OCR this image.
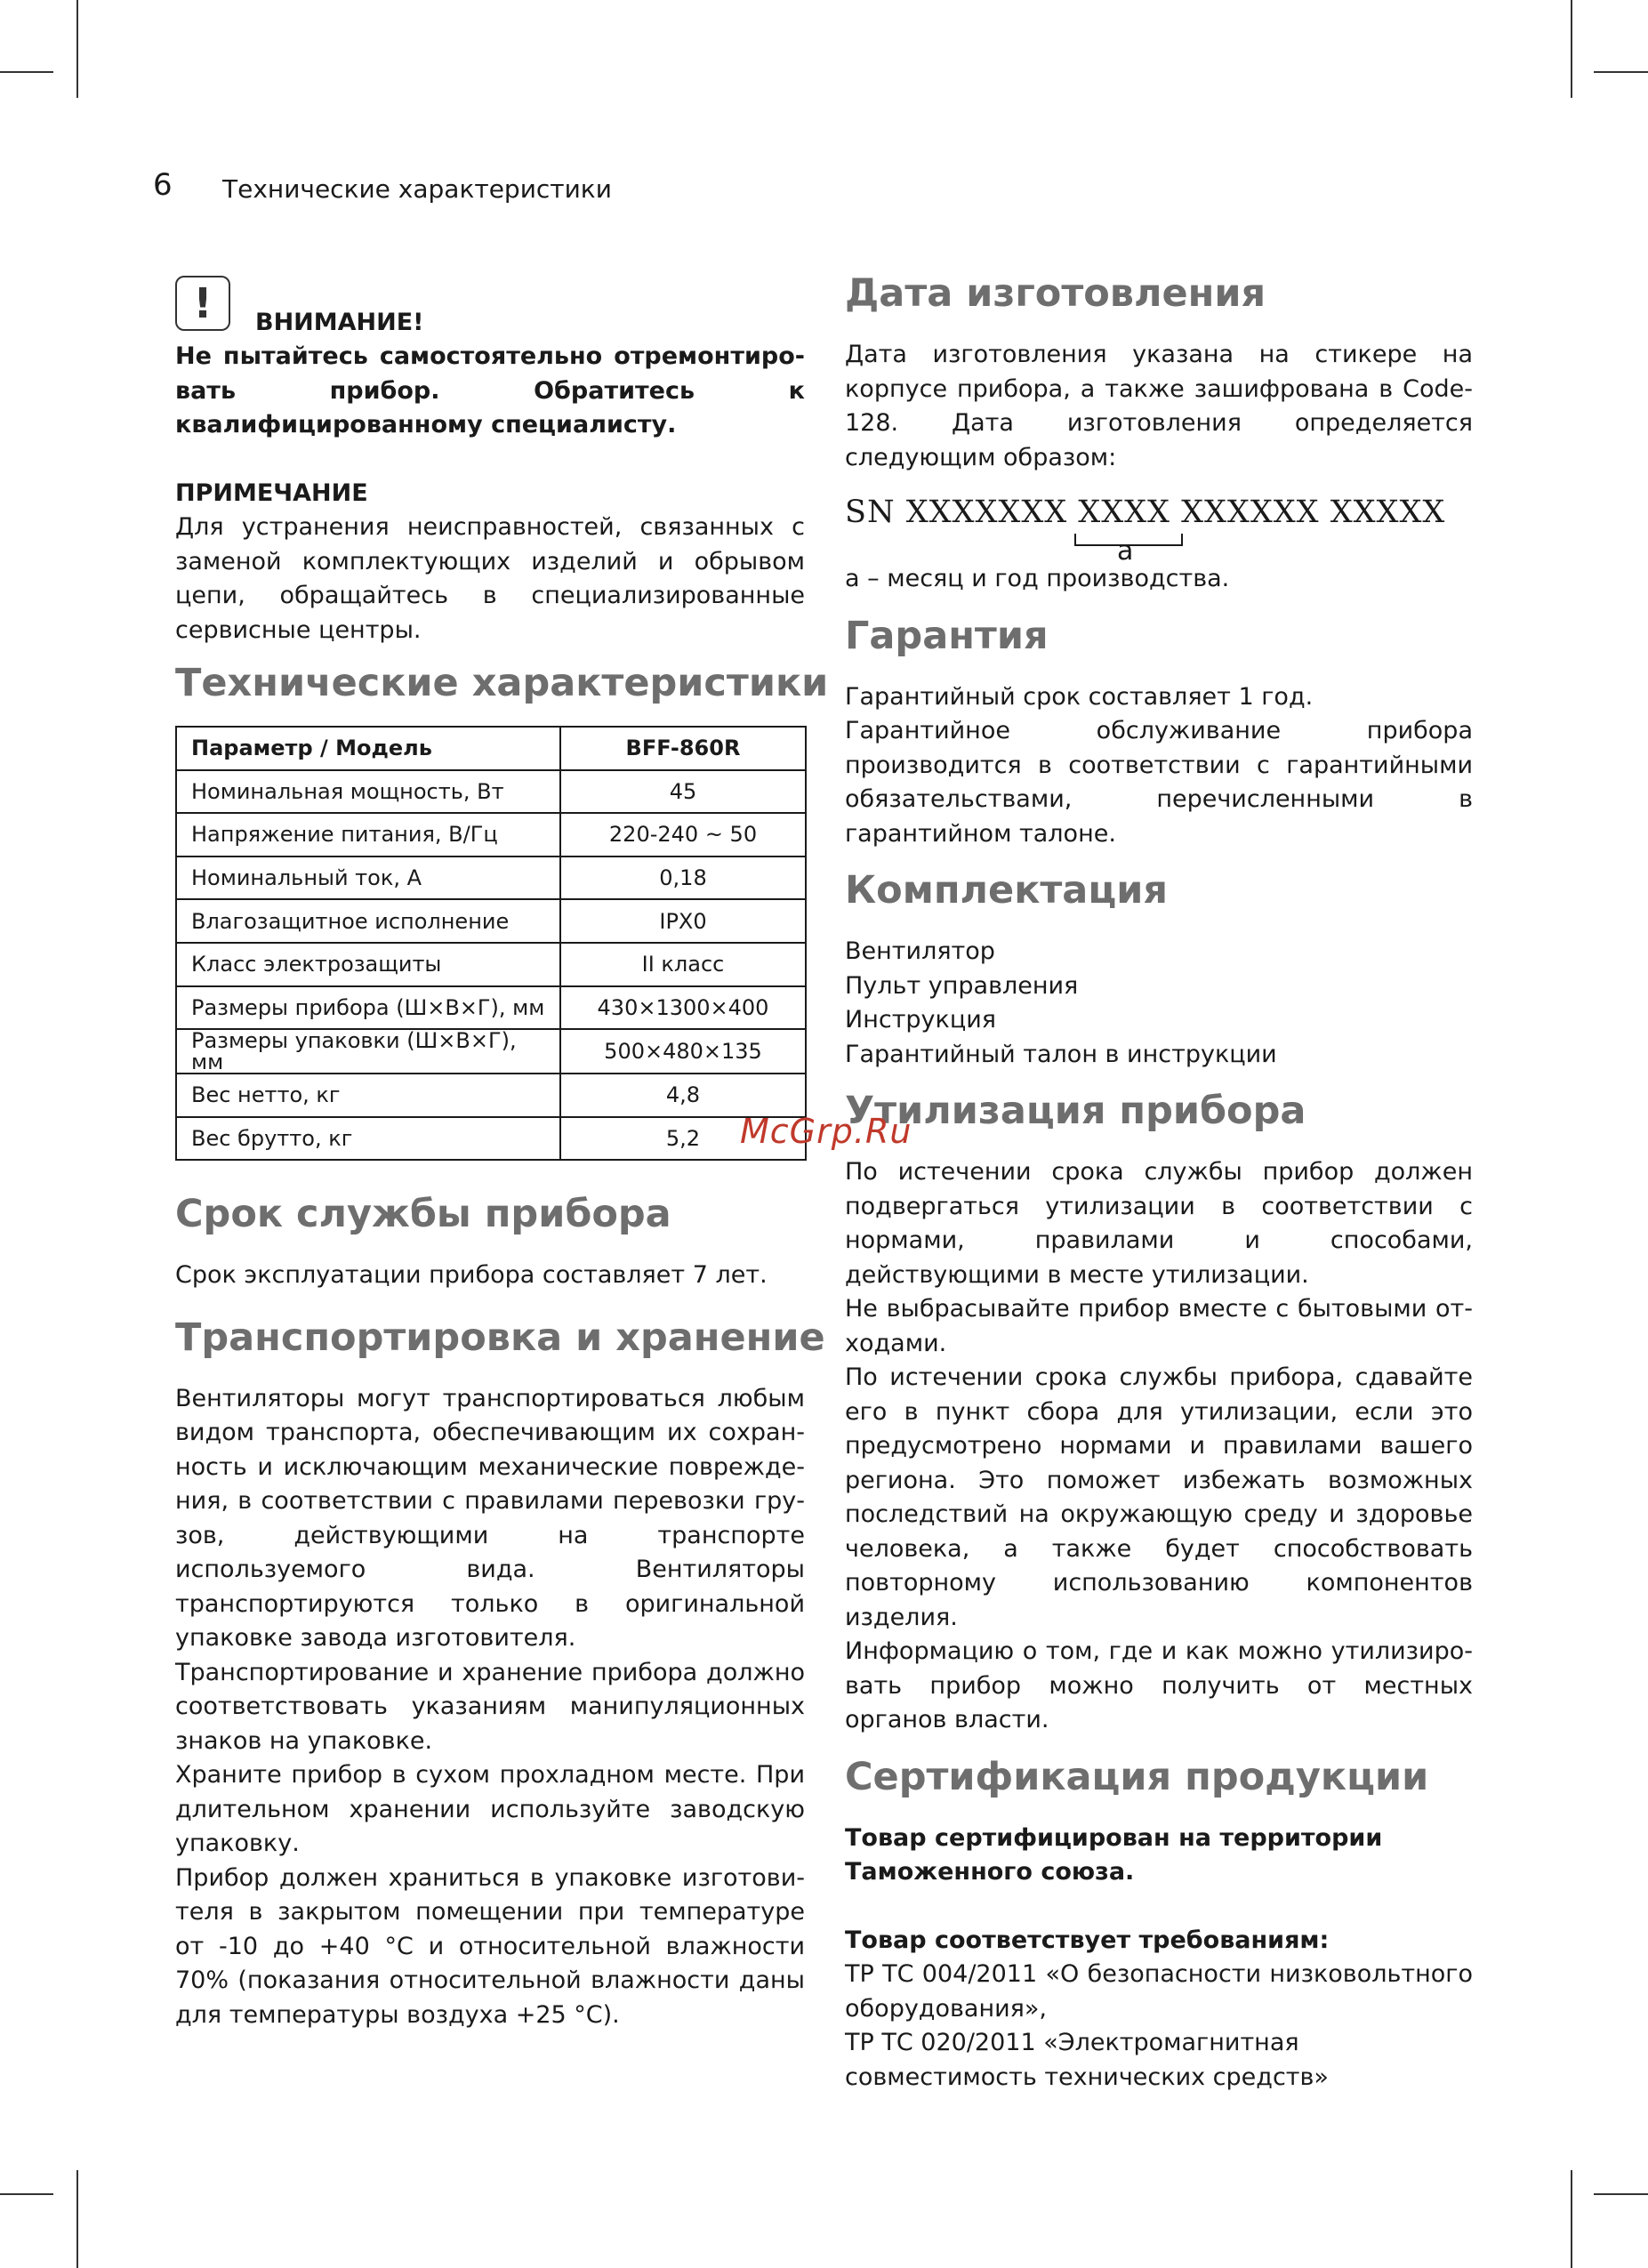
6 Технические характеристики
!	ВНИМАНИЕ!

Не пытайтесь самостоятельно отремонтировать прибор. Обратитесь к квалифицированному специалисту.

ПРИМЕЧАНИЕ

Для устранения неисправностей, связанных с заменой комплектующих изделий и обрывом цепи, обращайтесь в специализированные сервисные центры.

Технические характеристики
Параметр / Модель	BFF-860R
Номинальная мощность, Вт	45
Напряжение питания, В/Гц	220-240 ~ 50
Номинальный ток, А	0,18
Влагозащитное исполнение	IPX0
Класс электрозащиты	II класс
Размеры прибора (Ш×В×Г), мм	430×1300×400
Размеры упаковки (Ш×В×Г), мм	500×480×135
Вес нетто, кг	4,8
Вес брутто, кг	5,2
Срок службы прибора

Срок эксплуатации прибора составляет 7 лет.

Транспортировка и хранение

Вентиляторы могут транспортироваться любым видом транспорта, обеспечивающим их сохранность и исключающим механические повреждения, в соответствии с правилами перевозки грузов, действующими на транспорте используемого вида. Вентиляторы транспортируются только в оригинальной упаковке завода изготовителя.

Транспортирование и хранение прибора должно соответствовать указаниям манипуляционных знаков на упаковке.

Храните прибор в сухом прохладном месте. При длительном хранении используйте заводскую упаковку.

Прибор должен храниться в упаковке изготовителя в закрытом помещении при температуре от -10 до +40 °С и относительной влажности 70% (показания относительной влажности даны для температуры воздуха +25 °С).

Дата изготовления

Дата изготовления указана на стикере на корпусе прибора, а также зашифрована в Code-128. Дата изготовления определяется следующим образом:

SN XXXXXXX XXXX XXXXXX XXXXX
a

а – месяц и год производства.

Гарантия

Гарантийный срок составляет 1 год.

Гарантийное обслуживание прибора производится в соответствии с гарантийными обязательствами, перечисленными в гарантийном талоне.

Комплектация

Вентилятор

Пульт управления

Инструкция

Гарантийный талон в инструкции

Утилизация прибора

По истечении срока службы прибор должен подвергаться утилизации в соответствии с нормами, правилами и способами, действующими в месте утилизации.

Не выбрасывайте прибор вместе с бытовыми отходами.

По истечении срока службы прибора, сдавайте его в пункт сбора для утилизации, если это предусмотрено нормами и правилами вашего региона. Это поможет избежать возможных последствий на окружающую среду и здоровье человека, а также будет способствовать повторному использованию компонентов изделия.

Информацию о том, где и как можно утилизировать прибор можно получить от местных органов власти.

Сертификация продукции

Товар сертифицирован на территории Таможенного союза.

Товар соответствует требованиям:

ТР ТС 004/2011 «О безопасности низковольтного оборудования»,

ТР ТС 020/2011 «Электромагнитная совместимость технических средств»

McGrp.Ru
